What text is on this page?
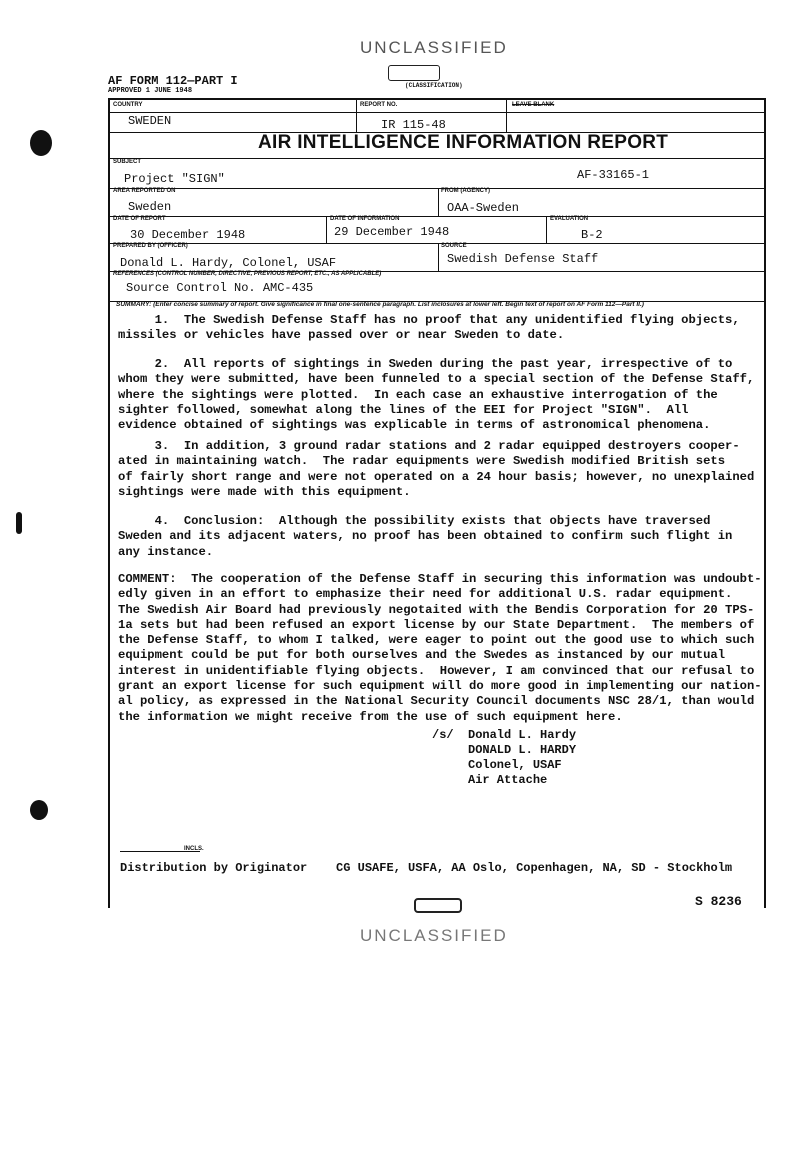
UNCLASSIFIED
AF FORM 112—PART I
APPROVED 1 JUNE 1948
(CLASSIFICATION)
COUNTRY
SWEDEN
REPORT NO.
IR 115-48
LEAVE BLANK
AIR INTELLIGENCE INFORMATION REPORT
SUBJECT
Project "SIGN"	AF-33165-1
AREA REPORTED ON
Sweden
FROM (AGENCY)
OAA-Sweden
DATE OF REPORT
30 December 1948
DATE OF INFORMATION
29 December 1948
EVALUATION
B-2
PREPARED BY (OFFICER)
Donald L. Hardy, Colonel, USAF
SOURCE
Swedish Defense Staff
REFERENCES (CONTROL NUMBER, DIRECTIVE, PREVIOUS REPORT, ETC., AS APPLICABLE)
Source Control No. AMC-435
SUMMARY: (Enter concise summary of report. Give significance in final one-sentence paragraph. List inclosures at lower left. Begin text of report on AF Form 112—Part II.)
1.  The Swedish Defense Staff has no proof that any unidentified flying objects,
missiles or vehicles have passed over or near Sweden to date.
2.  All reports of sightings in Sweden during the past year, irrespective of to
whom they were submitted, have been funneled to a special section of the Defense Staff,
where the sightings were plotted.  In each case an exhaustive interrogation of the
sighter followed, somewhat along the lines of the EEI for Project "SIGN".  All
evidence obtained of sightings was explicable in terms of astronomical phenomena.
3.  In addition, 3 ground radar stations and 2 radar equipped destroyers cooper-
ated in maintaining watch.  The radar equipments were Swedish modified British sets
of fairly short range and were not operated on a 24 hour basis; however, no unexplained
sightings were made with this equipment.
4.  Conclusion:  Although the possibility exists that objects have traversed
Sweden and its adjacent waters, no proof has been obtained to confirm such flight in
any instance.
COMMENT:  The cooperation of the Defense Staff in securing this information was undoubt-
edly given in an effort to emphasize their need for additional U.S. radar equipment.
The Swedish Air Board had previously negotaited with the Bendis Corporation for 20 TPS-
1a sets but had been refused an export license by our State Department.  The members of
the Defense Staff, to whom I talked, were eager to point out the good use to which such
equipment could be put for both ourselves and the Swedes as instanced by our mutual
interest in unidentifiable flying objects.  However, I am convinced that our refusal to
grant an export license for such equipment will do more good in implementing our nation-
al policy, as expressed in the National Security Council documents NSC 28/1, than would
the information we might receive from the use of such equipment here.
/s/  Donald L. Hardy
DONALD L. HARDY
Colonel, USAF
Air Attache
INCLS.
Distribution by Originator    CG USAFE, USFA, AA Oslo, Copenhagen, NA, SD - Stockholm
S 8236
UNCLASSIFIED
